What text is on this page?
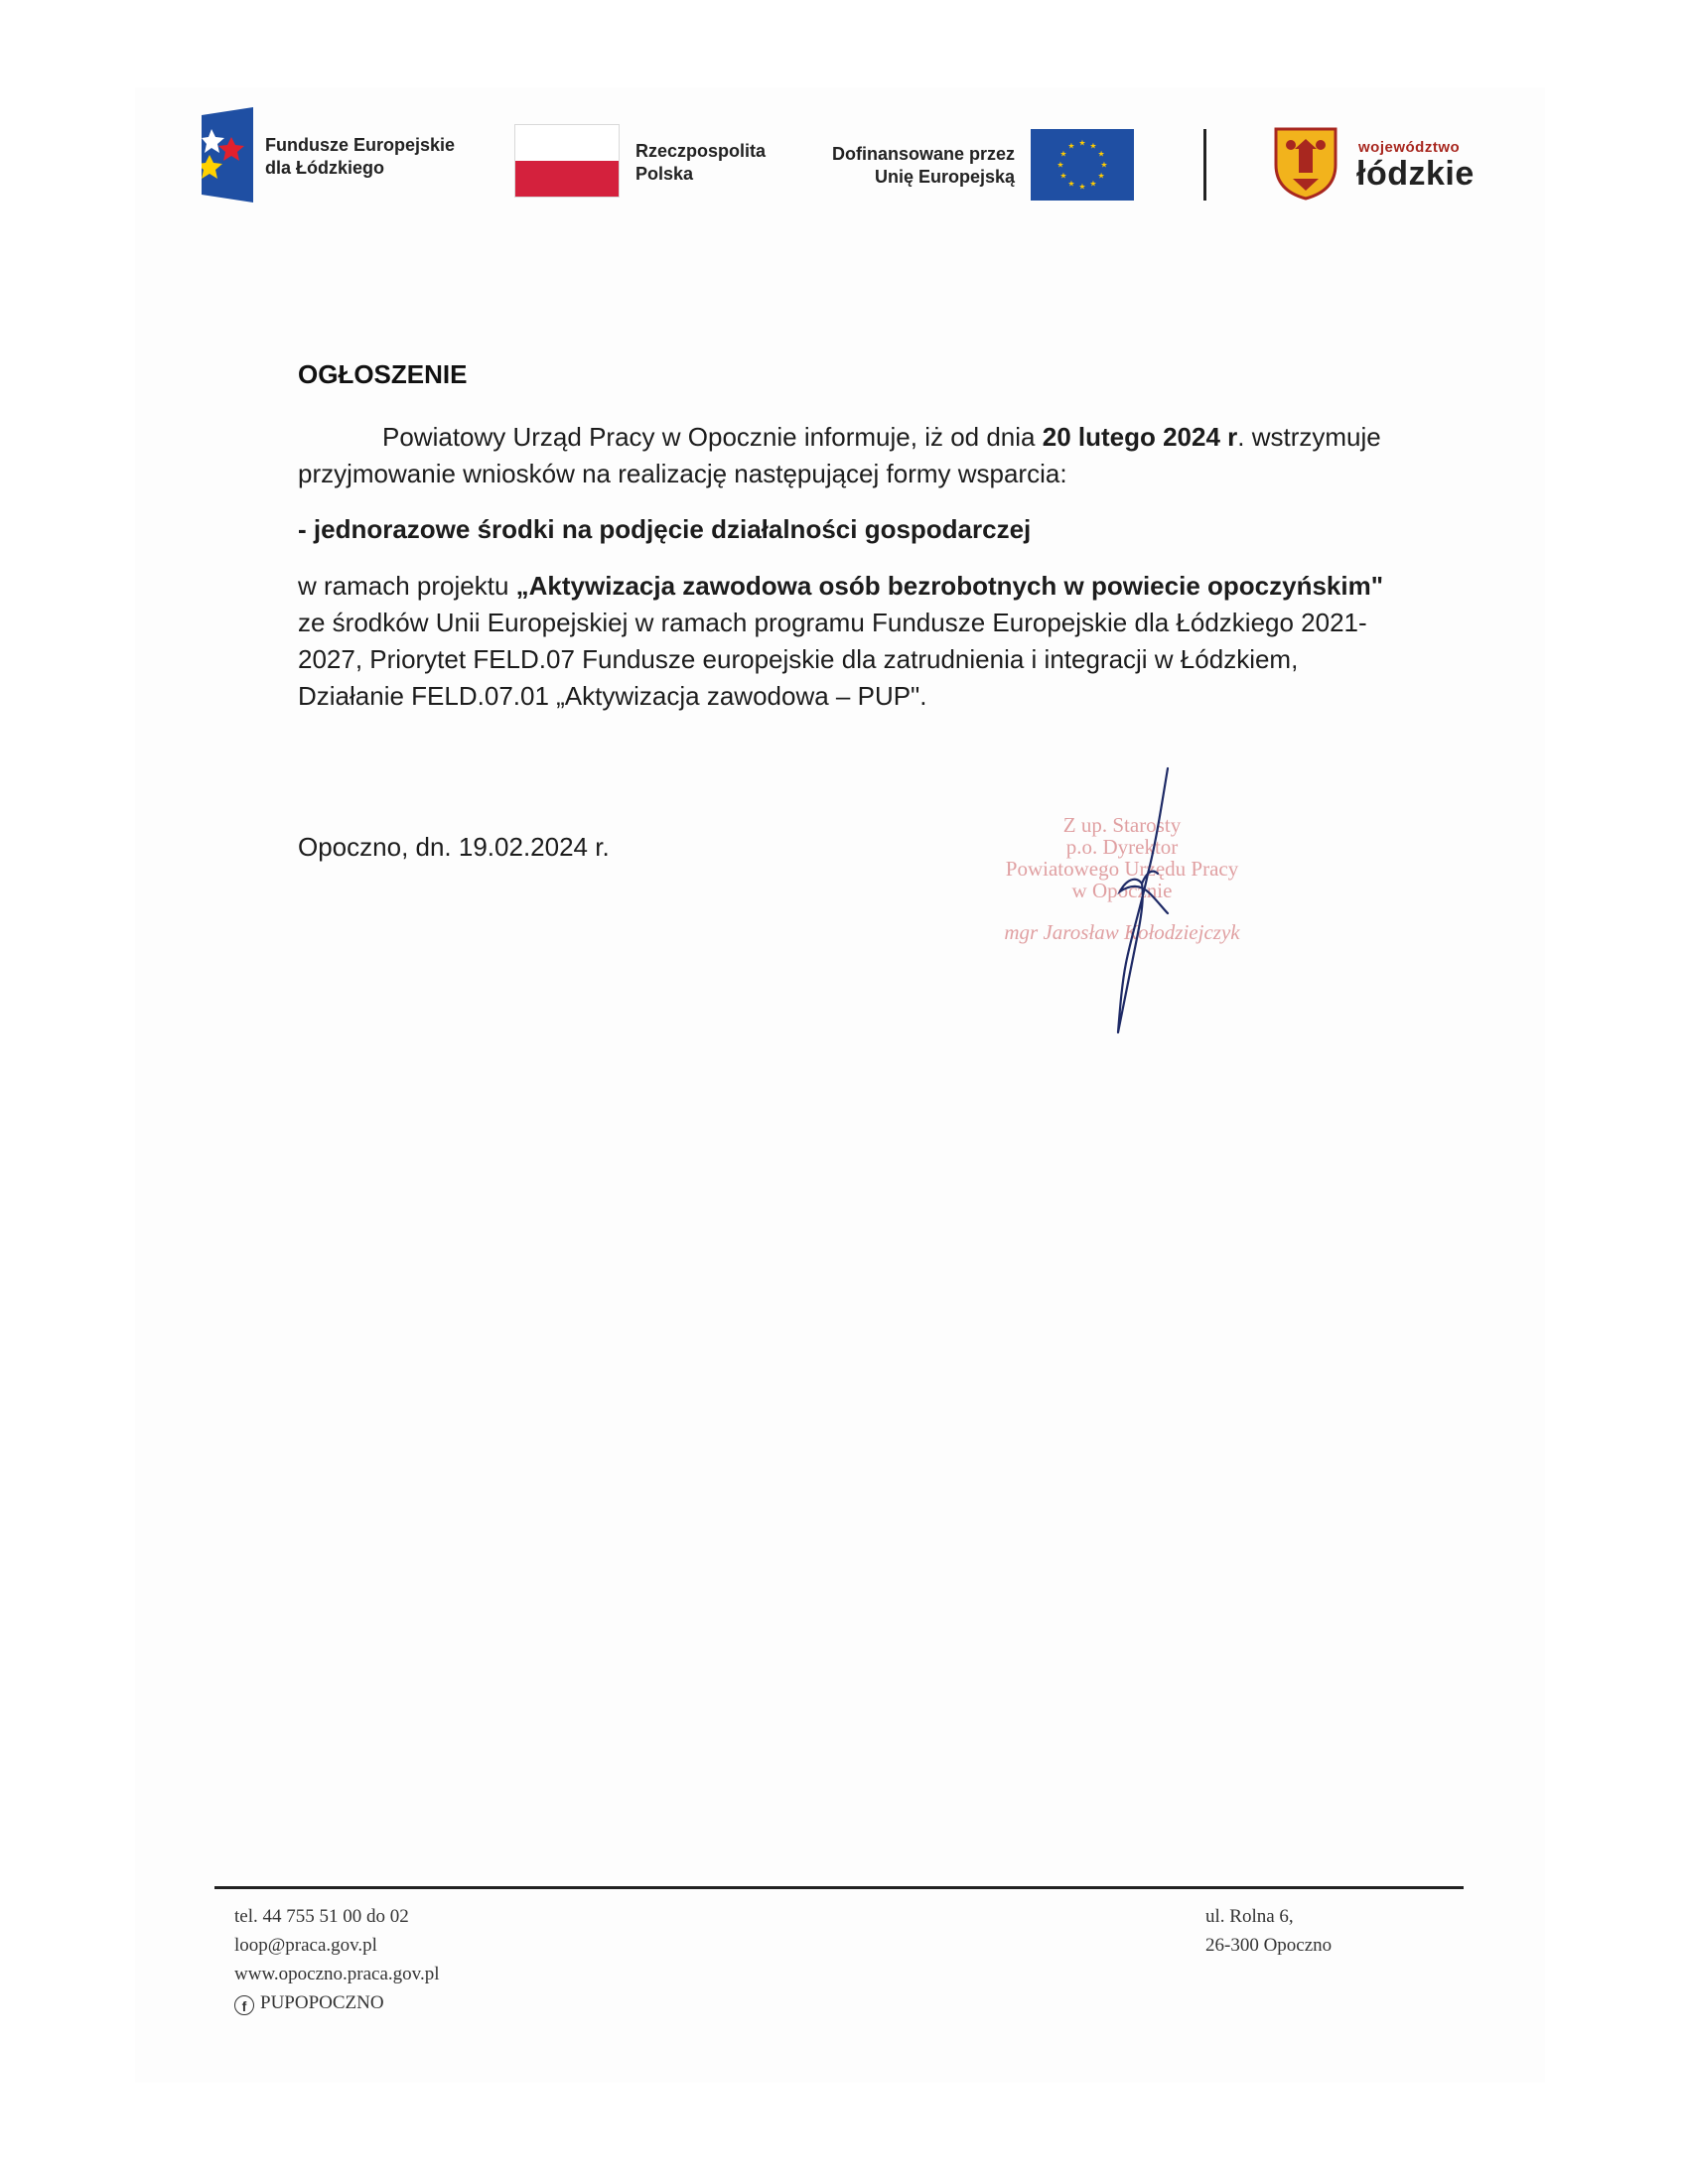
Fundusze Europejskie
dla Łódzkiego
Rzeczpospolita
Polska
Dofinansowane przez
Unię Europejską
★ ★
★
★
★
★
★
★
★
★
★
★	województwo
łódzkie
OGŁOSZENIE
Powiatowy Urząd Pracy w Opocznie informuje, iż od dnia 20 lutego 2024 r. wstrzymuje przyjmowanie wniosków na realizację następującej formy wsparcia:
- jednorazowe środki na podjęcie działalności gospodarczej
w ramach projektu „Aktywizacja zawodowa osób bezrobotnych w powiecie opoczyńskim" ze środków Unii Europejskiej w ramach programu Fundusze Europejskie dla Łódzkiego 2021-2027, Priorytet FELD.07 Fundusze europejskie dla zatrudnienia i integracji w Łódzkiem, Działanie FELD.07.01 „Aktywizacja zawodowa – PUP".
Opoczno, dn. 19.02.2024 r.
Z up. Starosty
p.o. Dyrektor
Powiatowego Urzędu Pracy
w Opocznie
mgr Jarosław Kołodziejczyk
tel. 44 755 51 00 do 02
loop@praca.gov.pl
www.opoczno.praca.gov.pl
f PUPOPOCZNO
ul. Rolna 6,
26-300 Opoczno
